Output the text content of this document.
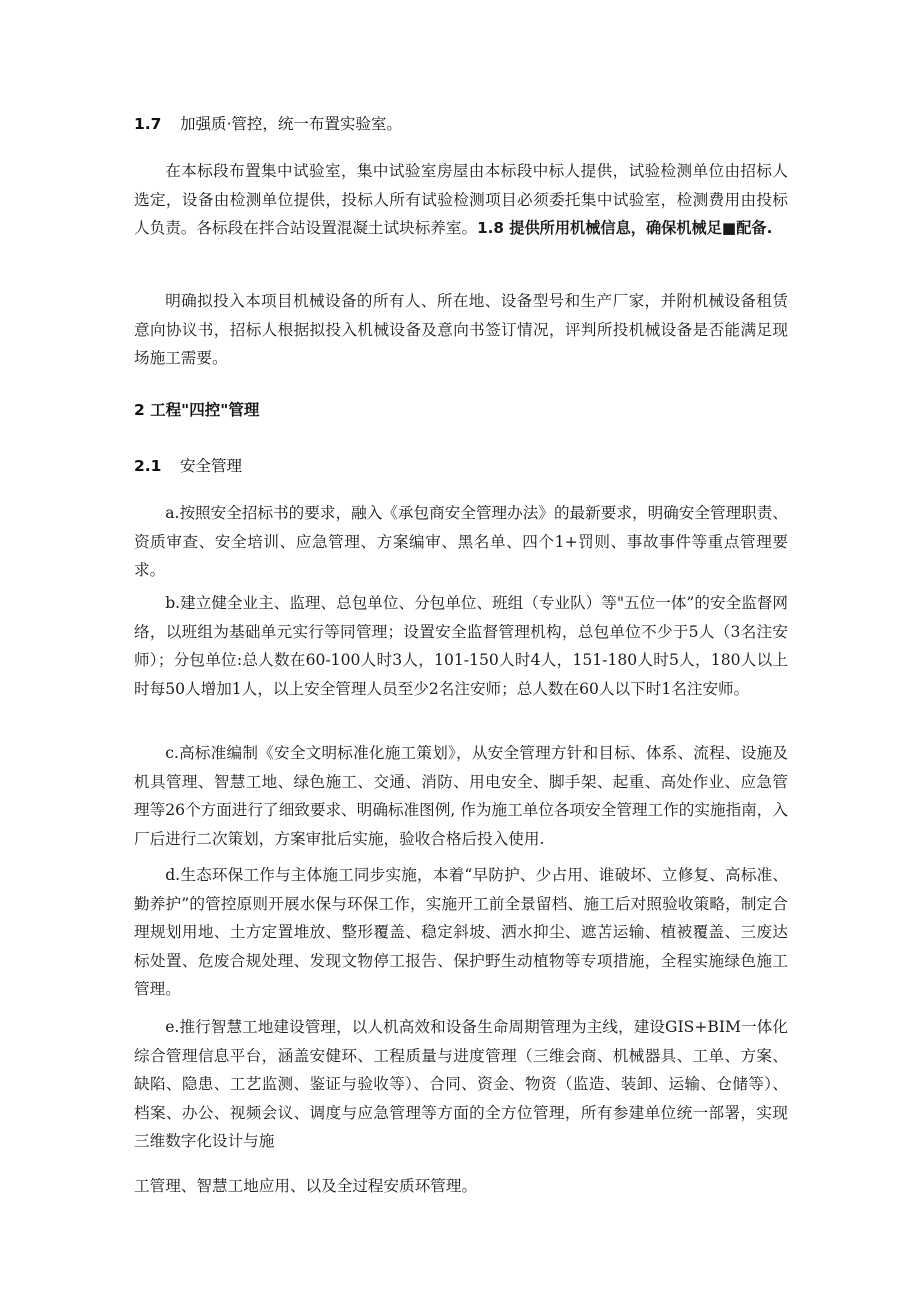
1.7 加强质·管控，统一布置实验室。

在本标段布置集中试验室，集中试验室房屋由本标段中标人提供，试验检测单位由招标人选定，设备由检测单位提供，投标人所有试验检测项目必须委托集中试验室，检测费用由投标人负责。各标段在拌合站设置混凝土试块标养室。1.8 提供所用机械信息，确保机械足■配备.

明确拟投入本项目机械设备的所有人、所在地、设备型号和生产厂家，并附机械设备租赁意向协议书，招标人根据拟投入机械设备及意向书签订情况，评判所投机械设备是否能满足现场施工需要。

2 工程"四控"管理
2.1 安全管理

a.按照安全招标书的要求，融入《承包商安全管理办法》的最新要求，明确安全管理职责、资质审查、安全培训、应急管理、方案编审、黑名单、四个1+罚则、事故事件等重点管理要求。

b.建立健全业主、监理、总包单位、分包单位、班组（专业队）等"五位一体”的安全监督网络，以班组为基础单元实行等同管理；设置安全监督管理机构，总包单位不少于5人（3名注安师）；分包单位:总人数在60-100人时3人，101-150人时4人，151-180人时5人，180人以上时每50人增加1人，以上安全管理人员至少2名注安师；总人数在60人以下时1名注安师。

c.高标准编制《安全文明标准化施工策划》，从安全管理方针和目标、体系、流程、设施及机具管理、智慧工地、绿色施工、交通、消防、用电安全、脚手架、起重、高处作业、应急管理等26个方面进行了细致要求、明确标准图例, 作为施工单位各项安全管理工作的实施指南，入厂后进行二次策划，方案审批后实施，验收合格后投入使用.

d.生态环保工作与主体施工同步实施，本着“早防护、少占用、谁破坏、立修复、高标准、勤养护”的管控原则开展水保与环保工作，实施开工前全景留档、施工后对照验收策略，制定合理规划用地、土方定置堆放、整形覆盖、稳定斜坡、洒水抑尘、遮苫运输、植被覆盖、三废达标处置、危废合规处理、发现文物停工报告、保护野生动植物等专项措施，全程实施绿色施工管理。

e.推行智慧工地建设管理，以人机高效和设备生命周期管理为主线，建设GIS+BIM一体化综合管理信息平台，涵盖安健环、工程质量与进度管理（三维会商、机械器具、工单、方案、缺陷、隐患、工艺监测、鉴证与验收等）、合同、资金、物资（监造、装卸、运输、仓储等）、档案、办公、视频会议、调度与应急管理等方面的全方位管理，所有参建单位统一部署，实现三维数字化设计与施

工管理、智慧工地应用、以及全过程安质环管理。
